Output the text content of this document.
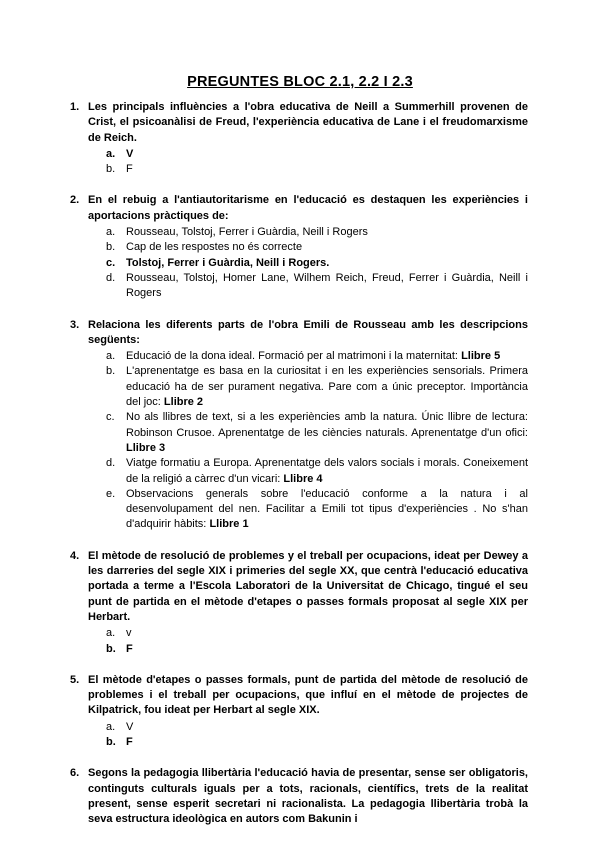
PREGUNTES BLOC 2.1, 2.2 I 2.3
1. Les principals influències a l'obra educativa de Neill a Summerhill provenen de Crist, el psicoanàlisi de Freud, l'experiència educativa de Lane i el freudomarxisme de Reich.
a. V
b. F
2. En el rebuig a l'antiautoritarisme en l'educació es destaquen les experiències i aportacions pràctiques de:
a. Rousseau, Tolstoj, Ferrer i Guàrdia, Neill i Rogers
b. Cap de les respostes no és correcte
c. Tolstoj, Ferrer i Guàrdia, Neill i Rogers.
d. Rousseau, Tolstoj, Homer Lane, Wilhem Reich, Freud, Ferrer i Guàrdia, Neill i Rogers
3. Relaciona les diferents parts de l'obra Emili de Rousseau amb les descripcions següents:
a. Educació de la dona ideal. Formació per al matrimoni i la maternitat: Llibre 5
b. L'aprenentatge es basa en la curiositat i en les experiències sensorials. Primera educació ha de ser purament negativa. Pare com a únic preceptor. Importància del joc: Llibre 2
c.	No als llibres de text, si a les experiències amb la natura. Únic llibre de lectura: Robinson Crusoe. Aprenentatge de les ciències naturals. Aprenentatge d'un ofici: Llibre 3
d. Viatge formatiu a Europa. Aprenentatge dels valors socials i morals. Coneixement de la religió a càrrec d'un vicari: Llibre 4
e. Observacions generals sobre l'educació conforme a la natura i al desenvolupament del nen. Facilitar a Emili tot tipus d'experiències . No s'han d'adquirir hàbits: Llibre 1
4. El mètode de resolució de problemes y el treball per ocupacions, ideat per Dewey a les darreries del segle XIX i primeries del segle XX, que centrà l'educació educativa portada a terme a l'Escola Laboratori de la Universitat de Chicago, tingué el seu punt de partida en el mètode d'etapes o passes formals proposat al segle XIX per Herbart.
a. v
b. F
5. El mètode d'etapes o passes formals, punt de partida del mètode de resolució de problemes i el treball per ocupacions, que influí en el mètode de projectes de Kilpatrick, fou ideat per Herbart al segle XIX.
a. V
b. F
6. Segons la pedagogia llibertària l'educació havia de presentar, sense ser obligatoris, continguts culturals iguals per a tots, racionals, científics, trets de la realitat present, sense esperit secretari ni racionalista. La pedagogia llibertària trobà la seva estructura ideològica en autors com Bakunin i
